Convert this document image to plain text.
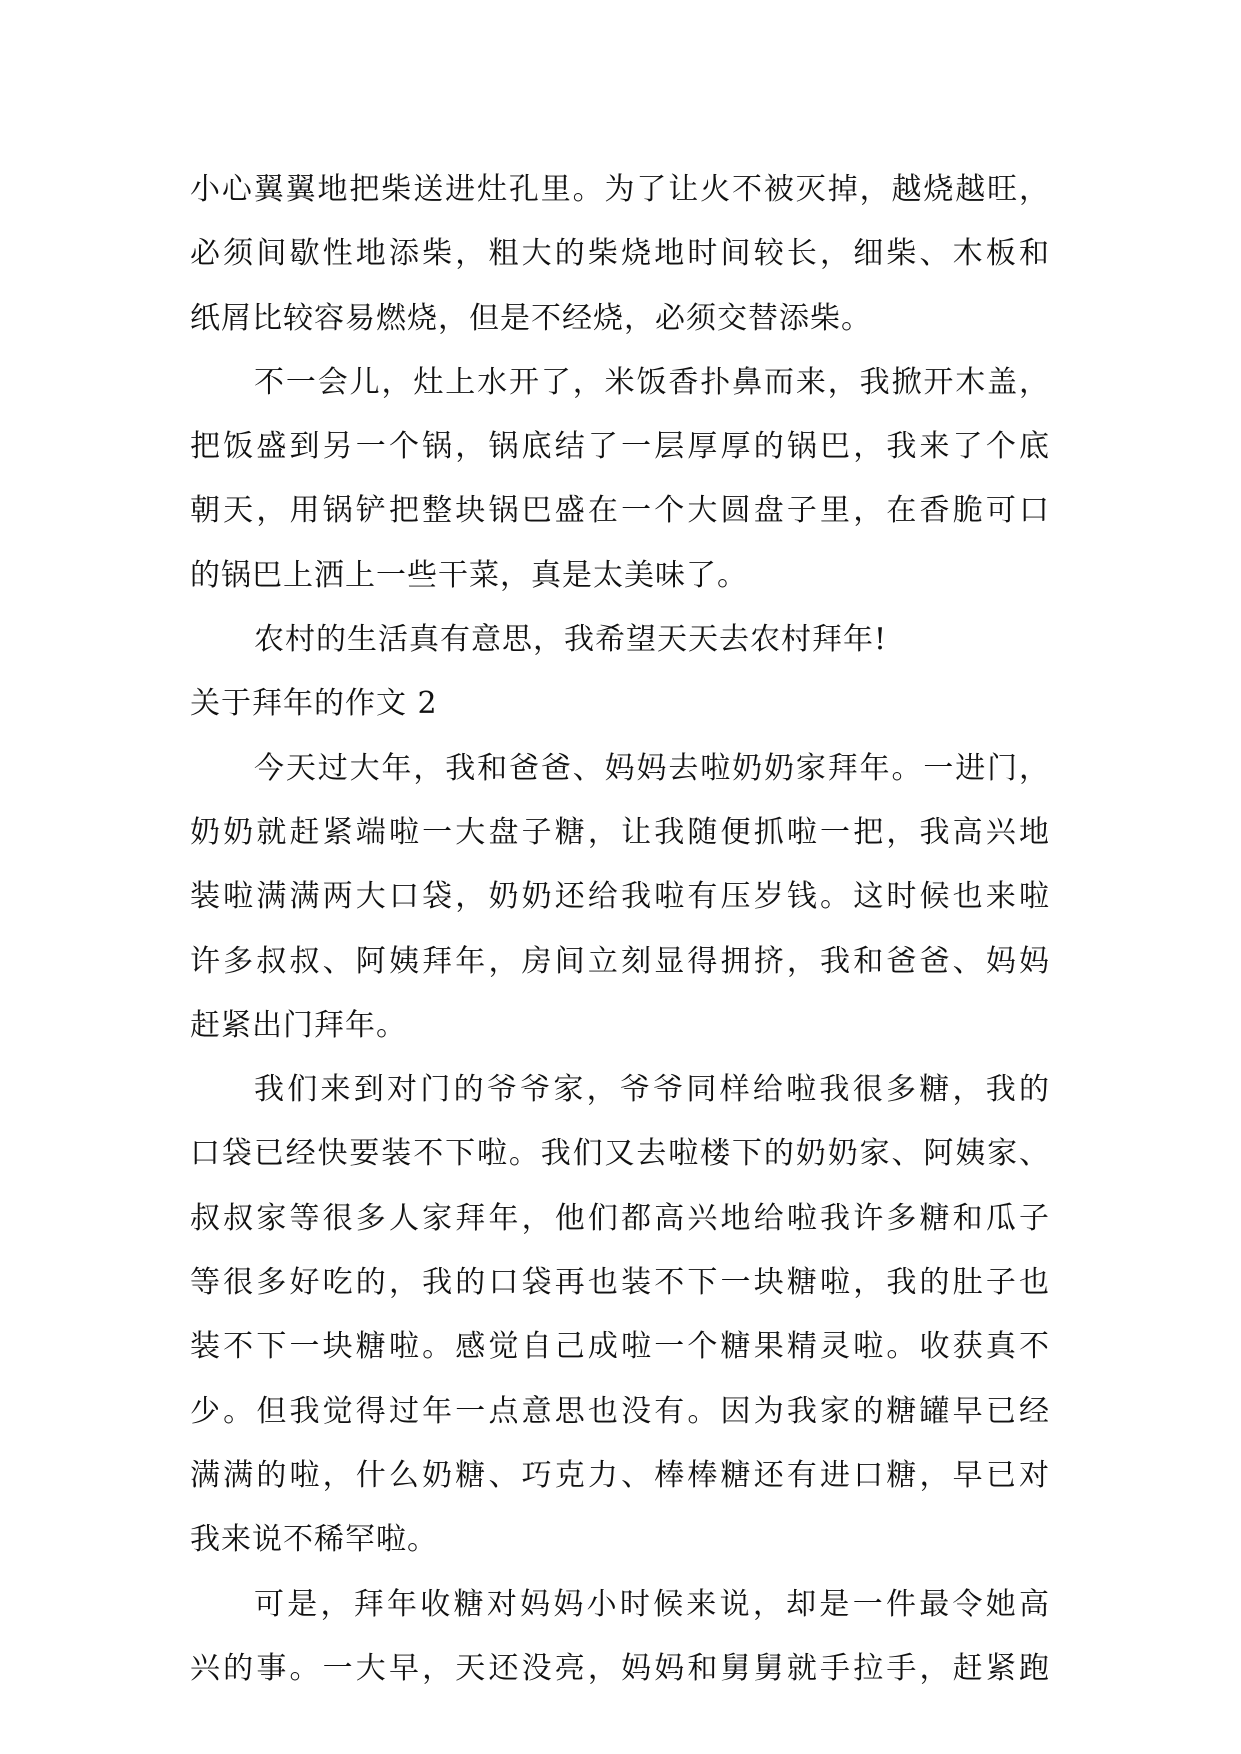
小心翼翼地把柴送进灶孔里。为了让火不被灭掉，越烧越旺，
必须间歇性地添柴，粗大的柴烧地时间较长，细柴、木板和
纸屑比较容易燃烧，但是不经烧，必须交替添柴。
不一会儿，灶上水开了，米饭香扑鼻而来，我掀开木盖，
把饭盛到另一个锅，锅底结了一层厚厚的锅巴，我来了个底
朝天，用锅铲把整块锅巴盛在一个大圆盘子里，在香脆可口
的锅巴上洒上一些干菜，真是太美味了。
农村的生活真有意思，我希望天天去农村拜年!
关于拜年的作文 2
今天过大年，我和爸爸、妈妈去啦奶奶家拜年。一进门，
奶奶就赶紧端啦一大盘子糖，让我随便抓啦一把，我高兴地
装啦满满两大口袋，奶奶还给我啦有压岁钱。这时候也来啦
许多叔叔、阿姨拜年，房间立刻显得拥挤，我和爸爸、妈妈
赶紧出门拜年。
我们来到对门的爷爷家，爷爷同样给啦我很多糖，我的
口袋已经快要装不下啦。我们又去啦楼下的奶奶家、阿姨家、
叔叔家等很多人家拜年，他们都高兴地给啦我许多糖和瓜子
等很多好吃的，我的口袋再也装不下一块糖啦，我的肚子也
装不下一块糖啦。感觉自己成啦一个糖果精灵啦。收获真不
少。但我觉得过年一点意思也没有。因为我家的糖罐早已经
满满的啦，什么奶糖、巧克力、棒棒糖还有进口糖，早已对
我来说不稀罕啦。
可是，拜年收糖对妈妈小时候来说，却是一件最令她高
兴的事。一大早，天还没亮，妈妈和舅舅就手拉手，赶紧跑
